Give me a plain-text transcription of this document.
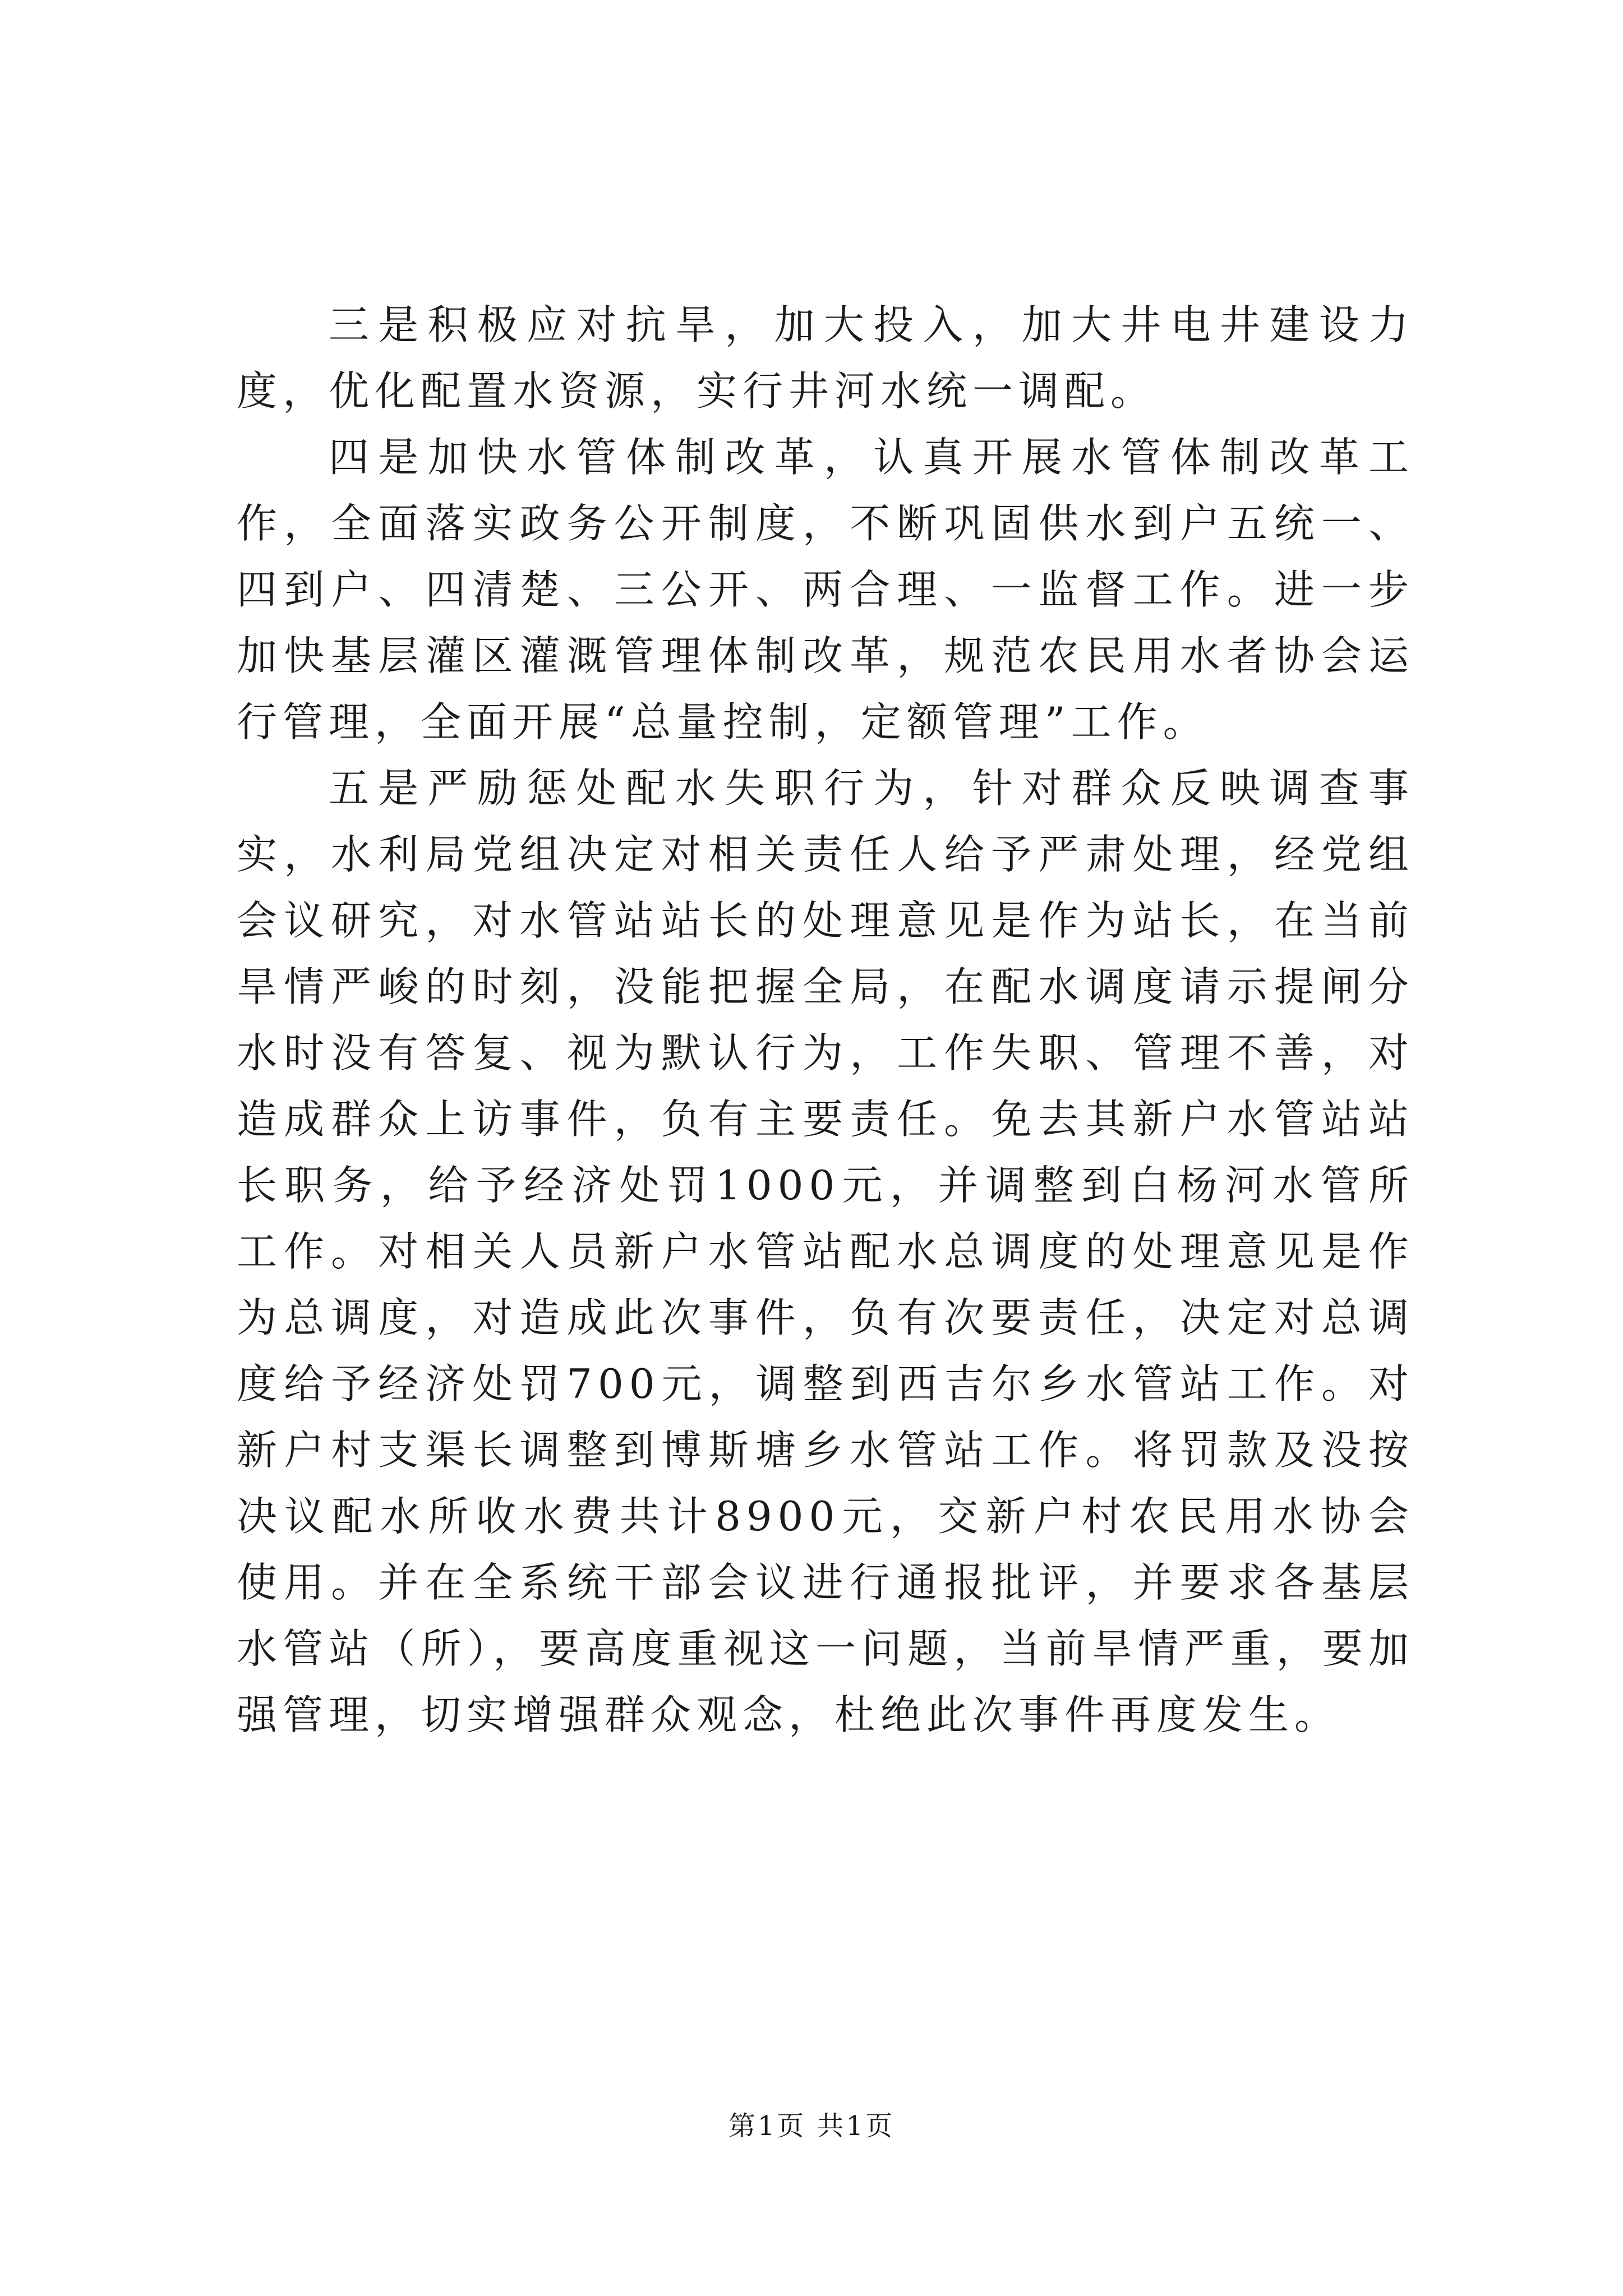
三是积极应对抗旱，加大投入，加大井电井建设力度，优化配置水资源，实行井河水统一调配。

四是加快水管体制改革，认真开展水管体制改革工作，全面落实政务公开制度，不断巩固供水到户五统一、四到户、四清楚、三公开、两合理、一监督工作。进一步加快基层灌区灌溉管理体制改革，规范农民用水者协会运行管理，全面开展“总量控制，定额管理”工作。

五是严励惩处配水失职行为，针对群众反映调查事实，水利局党组决定对相关责任人给予严肃处理，经党组会议研究，对水管站站长的处理意见是作为站长，在当前旱情严峻的时刻，没能把握全局，在配水调度请示提闸分水时没有答复、视为默认行为，工作失职、管理不善，对造成群众上访事件，负有主要责任。免去其新户水管站站长职务，给予经济处罚1000元，并调整到白杨河水管所工作。对相关人员新户水管站配水总调度的处理意见是作为总调度，对造成此次事件，负有次要责任，决定对总调度给予经济处罚700元，调整到西吉尔乡水管站工作。对新户村支渠长调整到博斯塘乡水管站工作。将罚款及没按决议配水所收水费共计8900元，交新户村农民用水协会使用。并在全系统干部会议进行通报批评，并要求各基层水管站（所），要高度重视这一问题，当前旱情严重，要加强管理，切实增强群众观念，杜绝此次事件再度发生。

第1页 共1页
